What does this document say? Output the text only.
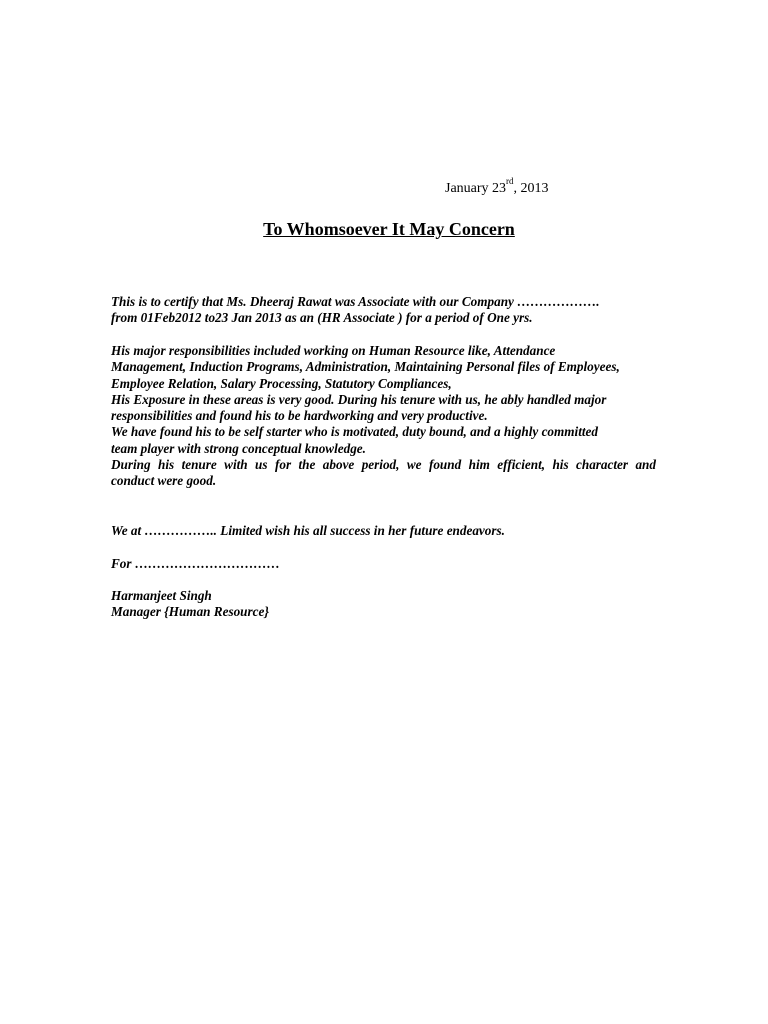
January 23rd, 2013
To Whomsoever It May Concern
This is to certify that Ms. Dheeraj Rawat was Associate with our Company ……………….
from 01Feb2012 to23 Jan 2013 as an (HR Associate ) for a period of One yrs.
His major responsibilities included working on Human Resource like, Attendance
Management, Induction Programs, Administration, Maintaining Personal files of Employees,
Employee Relation, Salary Processing, Statutory Compliances,
His Exposure in these areas is very good. During his tenure with us, he ably handled major
responsibilities and found his to be hardworking and very productive.
We have found his to be self starter who is motivated, duty bound, and a highly committed
team player with strong conceptual knowledge.
During his tenure with us for the above period, we found him efficient, his character and
conduct were good.
We at …………….. Limited wish his all success in her future endeavors.
For ……………………………
Harmanjeet Singh
Manager {Human Resource}
